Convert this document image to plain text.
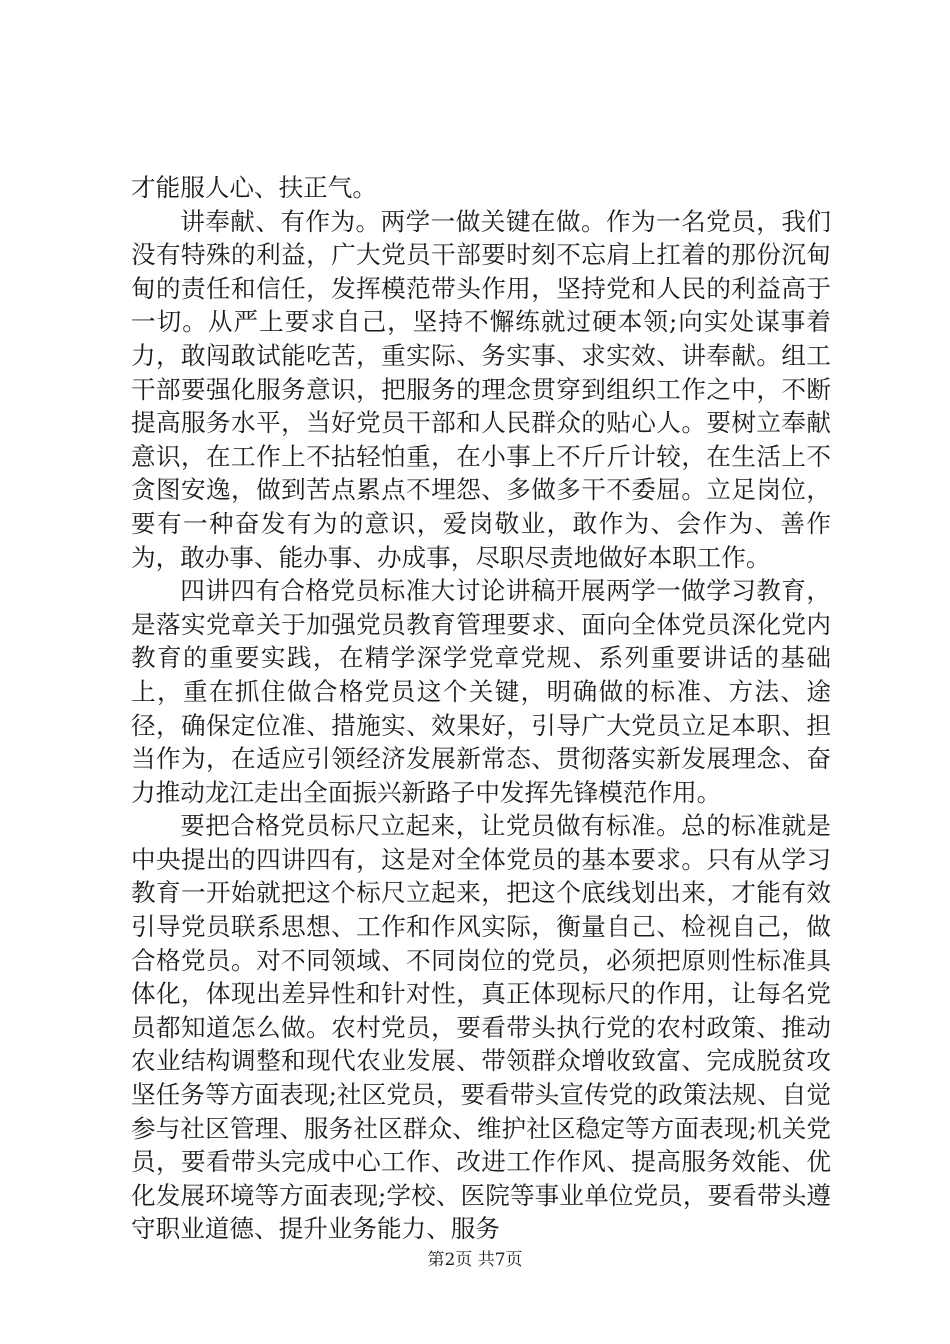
才能服人心、扶正气。

讲奉献、有作为。两学一做关键在做。作为一名党员，我们没有特殊的利益，广大党员干部要时刻不忘肩上扛着的那份沉甸甸的责任和信任，发挥模范带头作用，坚持党和人民的利益高于一切。从严上要求自己，坚持不懈练就过硬本领;向实处谋事着力，敢闯敢试能吃苦，重实际、务实事、求实效、讲奉献。组工干部要强化服务意识，把服务的理念贯穿到组织工作之中，不断提高服务水平，当好党员干部和人民群众的贴心人。要树立奉献意识，在工作上不拈轻怕重，在小事上不斤斤计较，在生活上不贪图安逸，做到苦点累点不埋怨、多做多干不委屈。立足岗位，要有一种奋发有为的意识，爱岗敬业，敢作为、会作为、善作为，敢办事、能办事、办成事，尽职尽责地做好本职工作。

四讲四有合格党员标准大讨论讲稿开展两学一做学习教育，是落实党章关于加强党员教育管理要求、面向全体党员深化党内教育的重要实践，在精学深学党章党规、系列重要讲话的基础上，重在抓住做合格党员这个关键，明确做的标准、方法、途径，确保定位准、措施实、效果好，引导广大党员立足本职、担当作为，在适应引领经济发展新常态、贯彻落实新发展理念、奋力推动龙江走出全面振兴新路子中发挥先锋模范作用。

要把合格党员标尺立起来，让党员做有标准。总的标准就是中央提出的四讲四有，这是对全体党员的基本要求。只有从学习教育一开始就把这个标尺立起来，把这个底线划出来，才能有效引导党员联系思想、工作和作风实际，衡量自己、检视自己，做合格党员。对不同领域、不同岗位的党员，必须把原则性标准具体化，体现出差异性和针对性，真正体现标尺的作用，让每名党员都知道怎么做。农村党员，要看带头执行党的农村政策、推动农业结构调整和现代农业发展、带领群众增收致富、完成脱贫攻坚任务等方面表现;社区党员，要看带头宣传党的政策法规、自觉参与社区管理、服务社区群众、维护社区稳定等方面表现;机关党员，要看带头完成中心工作、改进工作作风、提高服务效能、优化发展环境等方面表现;学校、医院等事业单位党员，要看带头遵守职业道德、提升业务能力、服务

第2页 共7页
